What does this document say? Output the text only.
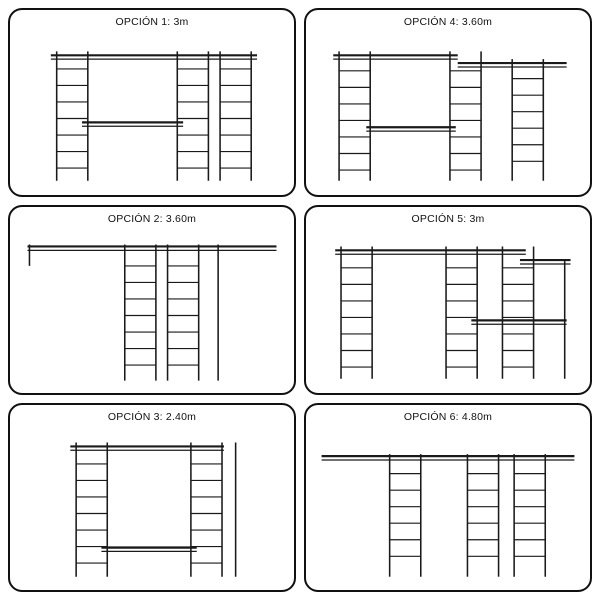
OPCIÓN 1: 3m	OPCIÓN 4: 3.60m
OPCIÓN 2: 3.60m	OPCIÓN 5: 3m
OPCIÓN 3: 2.40m	OPCIÓN 6: 4.80m
